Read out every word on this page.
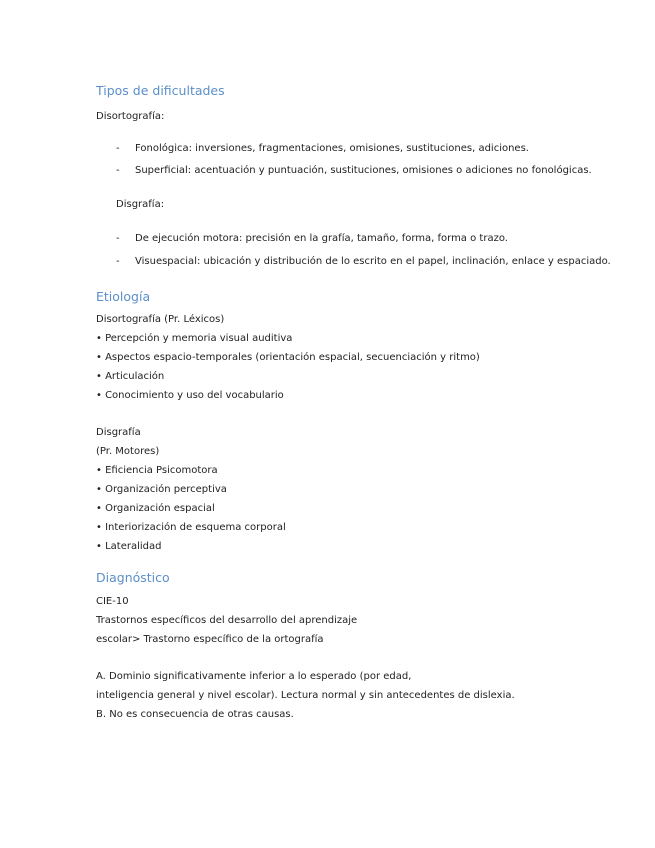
Tipos de dificultades
Disortografía:
- Fonológica: inversiones, fragmentaciones, omisiones, sustituciones, adiciones.
- Superficial: acentuación y puntuación, sustituciones, omisiones o adiciones no fonológicas.
Disgrafía:
- De ejecución motora: precisión en la grafía, tamaño, forma, forma o trazo.
- Visuespacial: ubicación y distribución de lo escrito en el papel, inclinación, enlace y espaciado.
Etiología
Disortografía (Pr. Léxicos)
• Percepción y memoria visual auditiva
• Aspectos espacio-temporales (orientación espacial, secuenciación y ritmo)
• Articulación
• Conocimiento y uso del vocabulario
Disgrafía
(Pr. Motores)
• Eficiencia Psicomotora
• Organización perceptiva
• Organización espacial
• Interiorización de esquema corporal
• Lateralidad
Diagnóstico
CIE-10
Trastornos específicos del desarrollo del aprendizaje
escolar> Trastorno específico de la ortografía
A. Dominio significativamente inferior a lo esperado (por edad,
inteligencia general y nivel escolar). Lectura normal y sin antecedentes de dislexia.
B. No es consecuencia de otras causas.
